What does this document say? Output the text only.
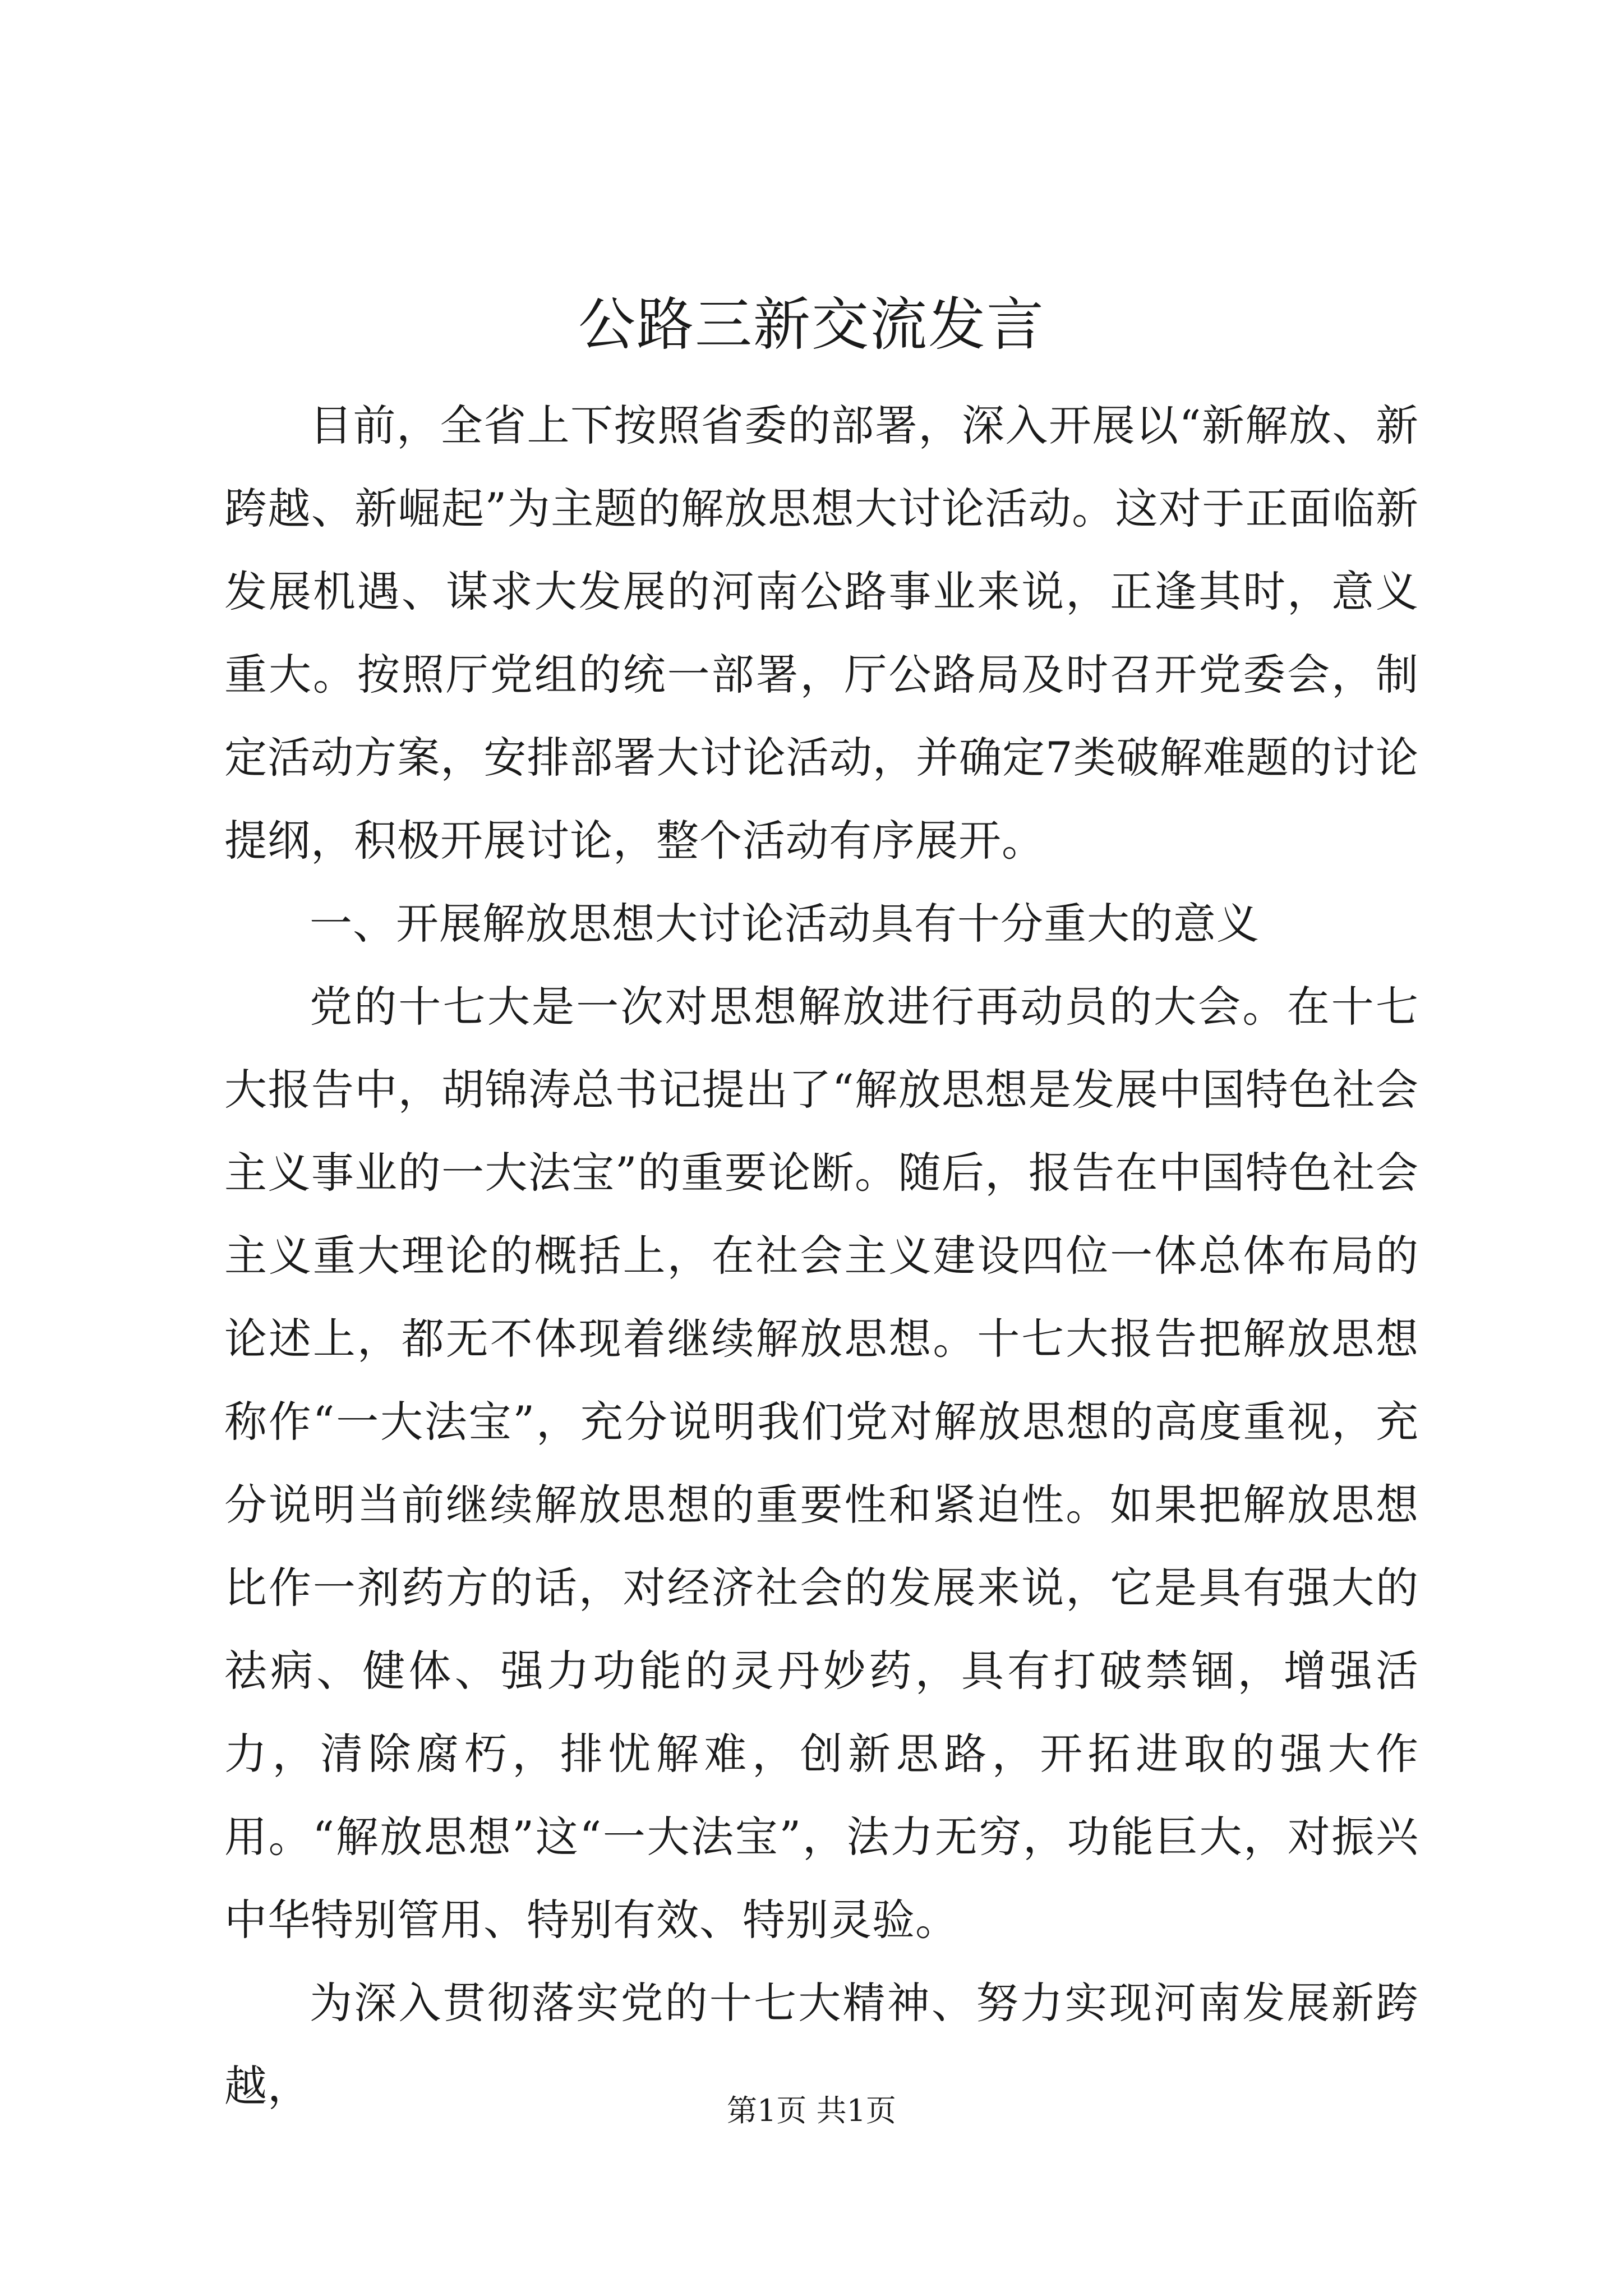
公路三新交流发言

目前，全省上下按照省委的部署，深入开展以“新解放、新跨越、新崛起”为主题的解放思想大讨论活动。这对于正面临新发展机遇、谋求大发展的河南公路事业来说，正逢其时，意义重大。按照厅党组的统一部署，厅公路局及时召开党委会，制定活动方案，安排部署大讨论活动，并确定7类破解难题的讨论提纲，积极开展讨论，整个活动有序展开。

一、开展解放思想大讨论活动具有十分重大的意义

党的十七大是一次对思想解放进行再动员的大会。在十七大报告中，胡锦涛总书记提出了“解放思想是发展中国特色社会主义事业的一大法宝”的重要论断。随后，报告在中国特色社会主义重大理论的概括上，在社会主义建设四位一体总体布局的论述上，都无不体现着继续解放思想。十七大报告把解放思想称作“一大法宝”，充分说明我们党对解放思想的高度重视，充分说明当前继续解放思想的重要性和紧迫性。如果把解放思想比作一剂药方的话，对经济社会的发展来说，它是具有强大的祛病、健体、强力功能的灵丹妙药，具有打破禁锢，增强活力，清除腐朽，排忧解难，创新思路，开拓进取的强大作用。“解放思想”这“一大法宝”，法力无穷，功能巨大，对振兴中华特别管用、特别有效、特别灵验。

为深入贯彻落实党的十七大精神、努力实现河南发展新跨越，	第1页 共1页
